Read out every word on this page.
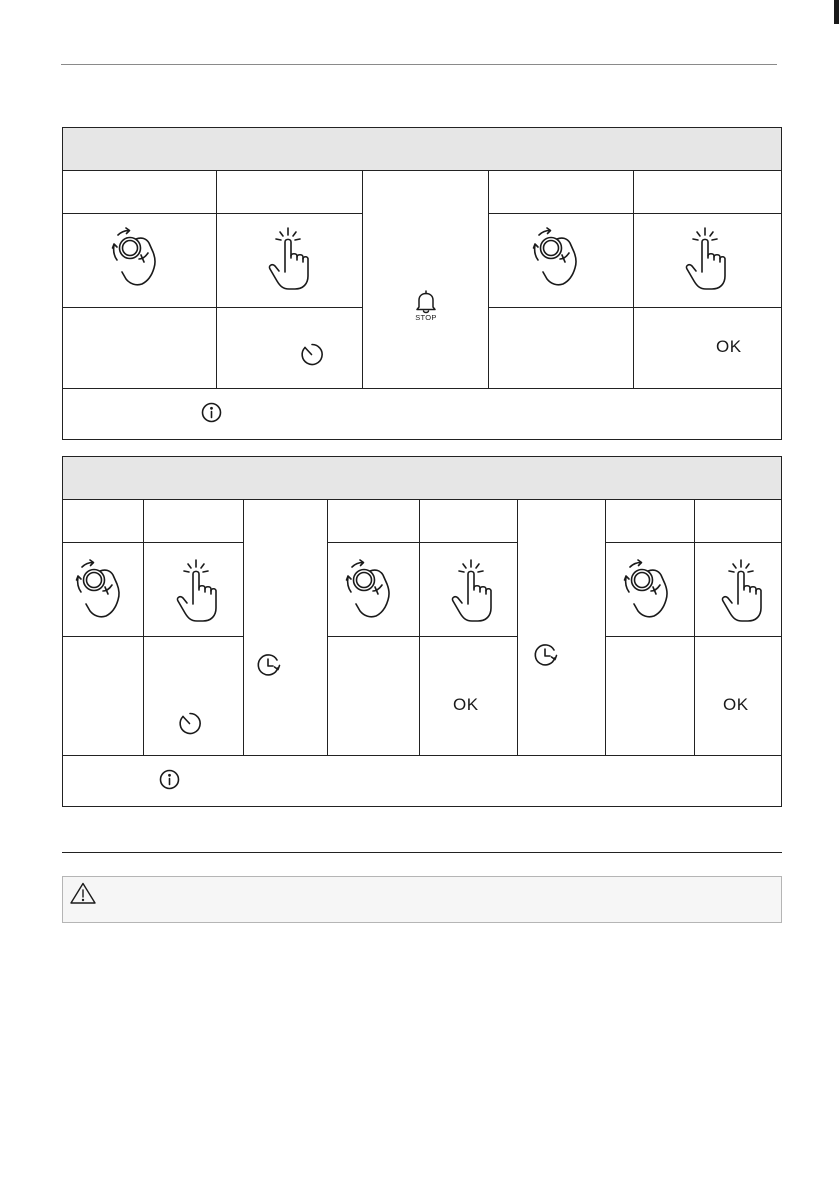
STOP
OK
OK	OK
